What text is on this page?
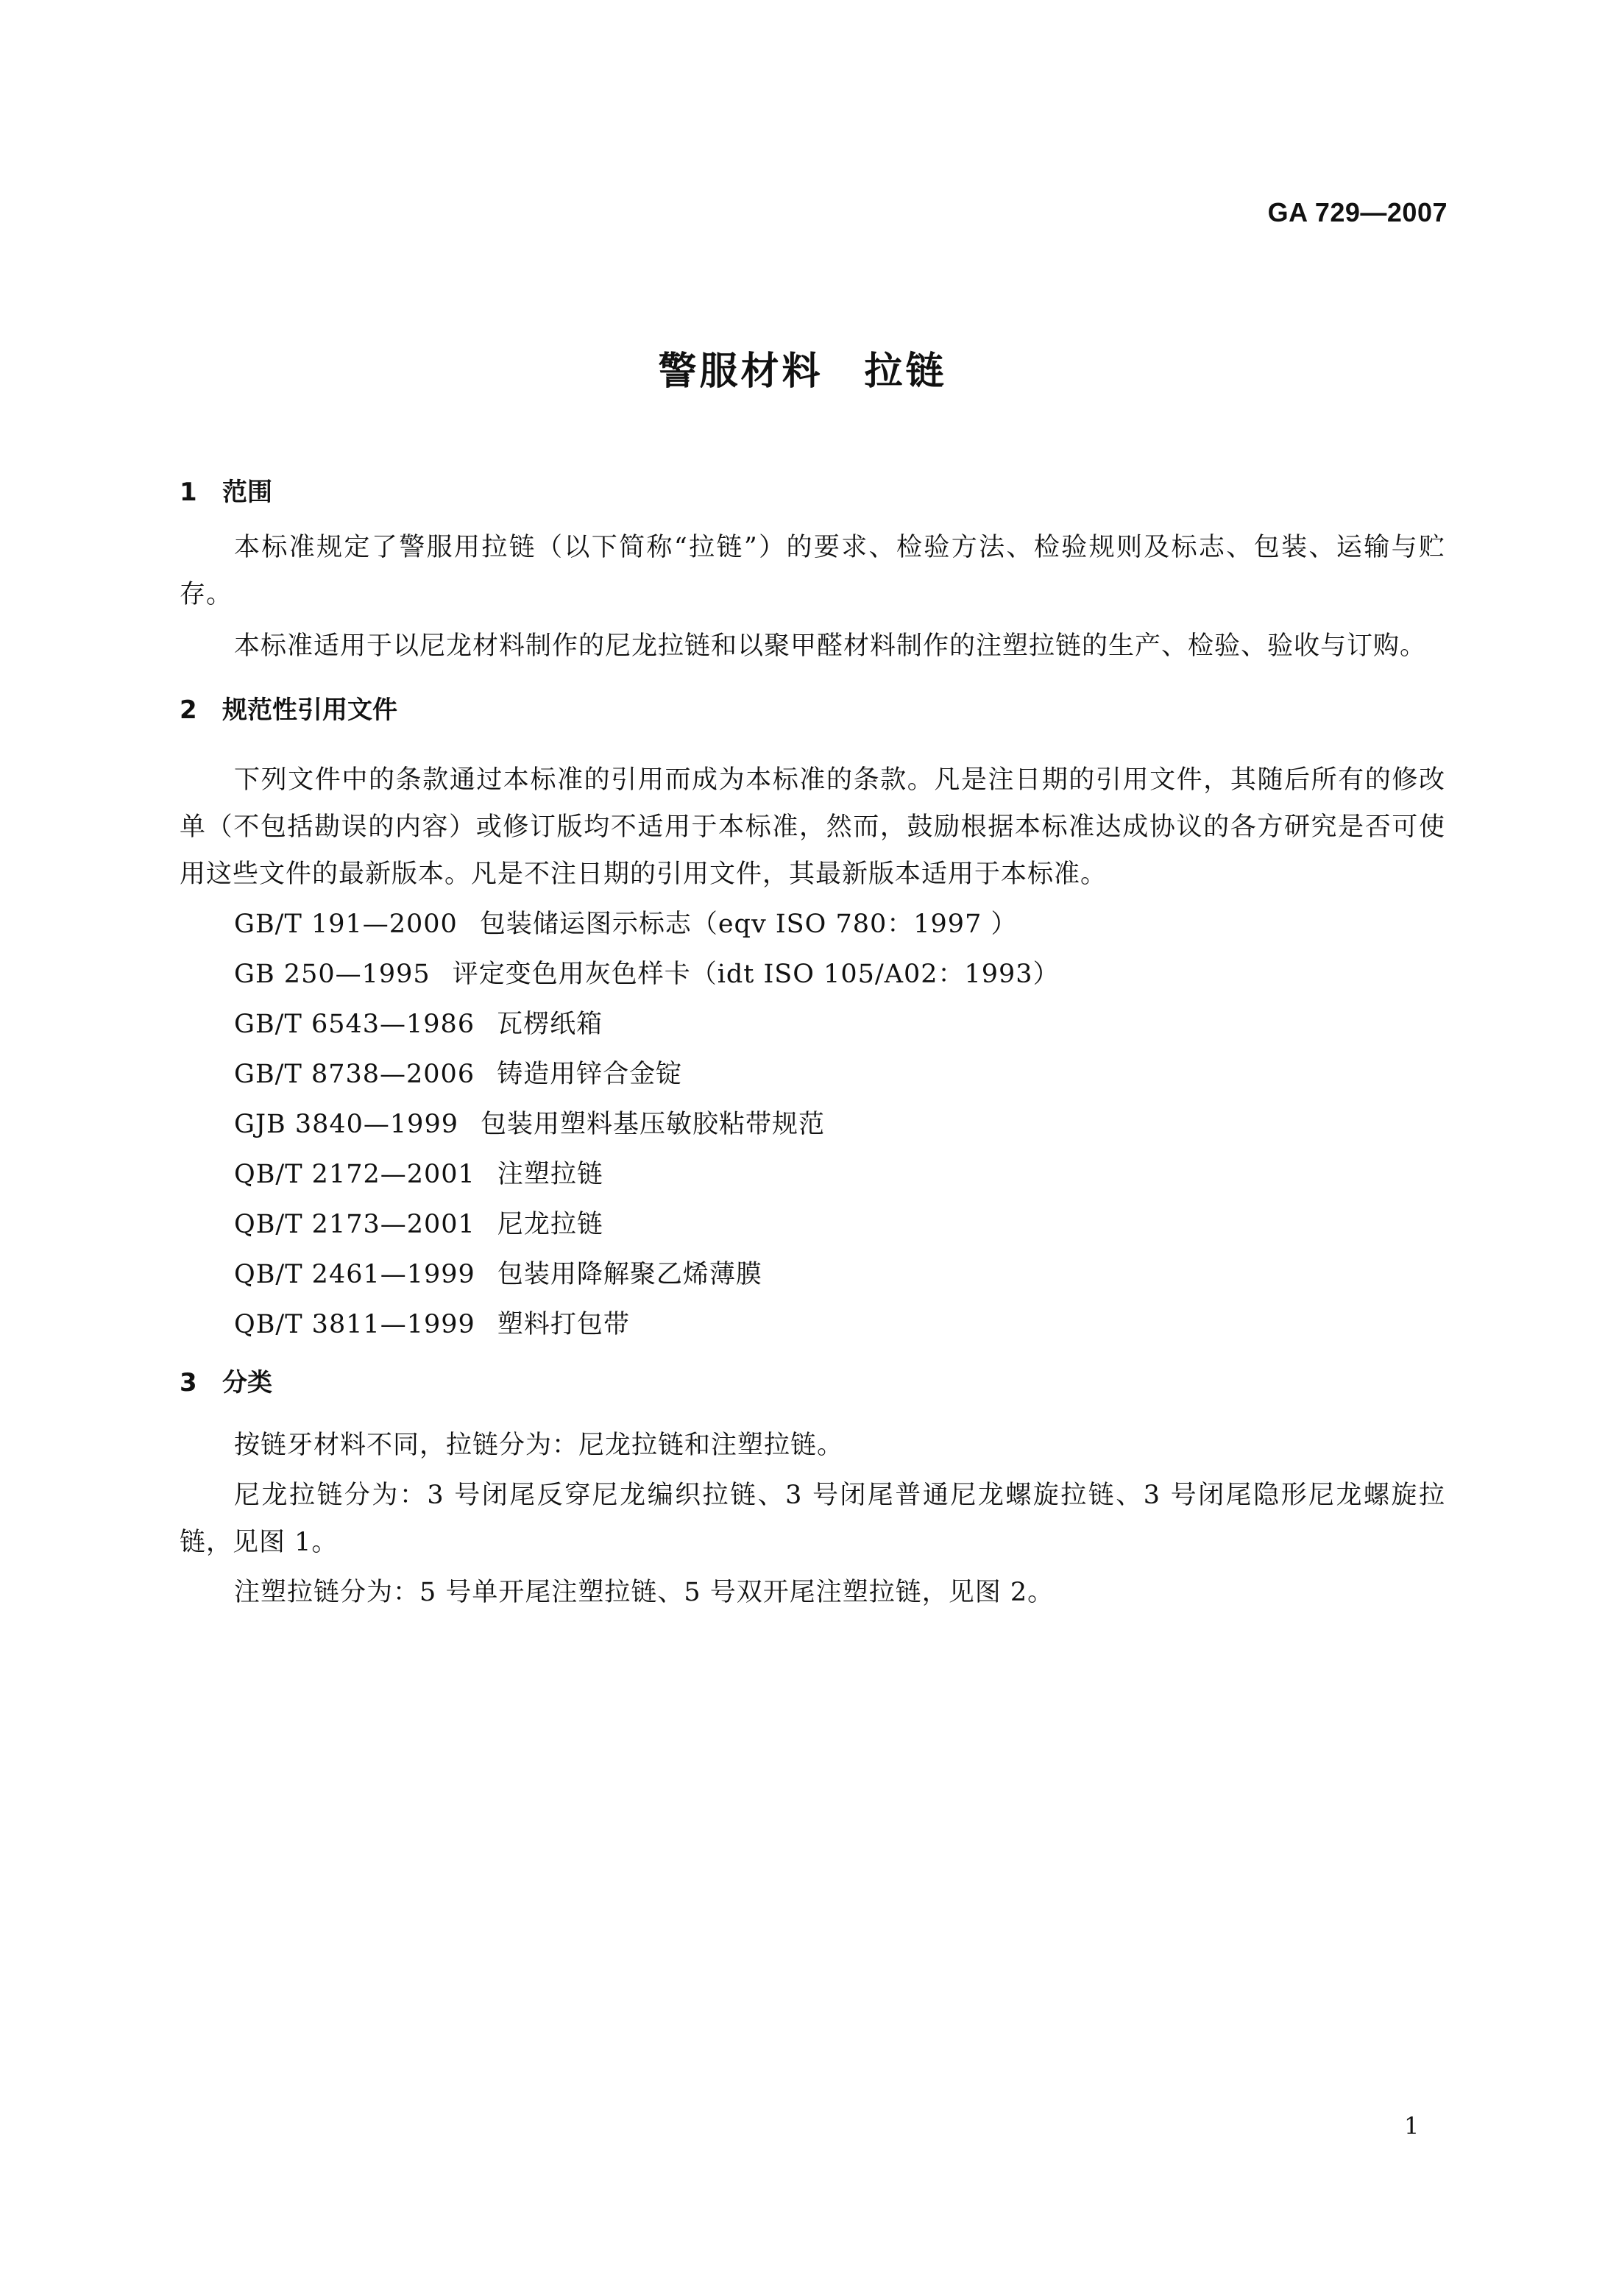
GA 729—2007
警服材料　拉链
1 范围

本标准规定了警服用拉链（以下简称“拉链”）的要求、检验方法、检验规则及标志、包装、运输与贮存。

本标准适用于以尼龙材料制作的尼龙拉链和以聚甲醛材料制作的注塑拉链的生产、检验、验收与订购。

2 规范性引用文件

下列文件中的条款通过本标准的引用而成为本标准的条款。凡是注日期的引用文件，其随后所有的修改单（不包括勘误的内容）或修订版均不适用于本标准，然而，鼓励根据本标准达成协议的各方研究是否可使用这些文件的最新版本。凡是不注日期的引用文件，其最新版本适用于本标准。

GB/T 191—2000 包装储运图示标志（eqv ISO 780：1997 ）
GB 250—1995 评定变色用灰色样卡（idt ISO 105/A02：1993）
GB/T 6543—1986 瓦楞纸箱
GB/T 8738—2006 铸造用锌合金锭
GJB 3840—1999 包装用塑料基压敏胶粘带规范
QB/T 2172—2001 注塑拉链
QB/T 2173—2001 尼龙拉链
QB/T 2461—1999 包装用降解聚乙烯薄膜
QB/T 3811—1999 塑料打包带
3 分类

按链牙材料不同，拉链分为：尼龙拉链和注塑拉链。

尼龙拉链分为：3 号闭尾反穿尼龙编织拉链、3 号闭尾普通尼龙螺旋拉链、3 号闭尾隐形尼龙螺旋拉链，见图 1。

注塑拉链分为：5 号单开尾注塑拉链、5 号双开尾注塑拉链，见图 2。

1
